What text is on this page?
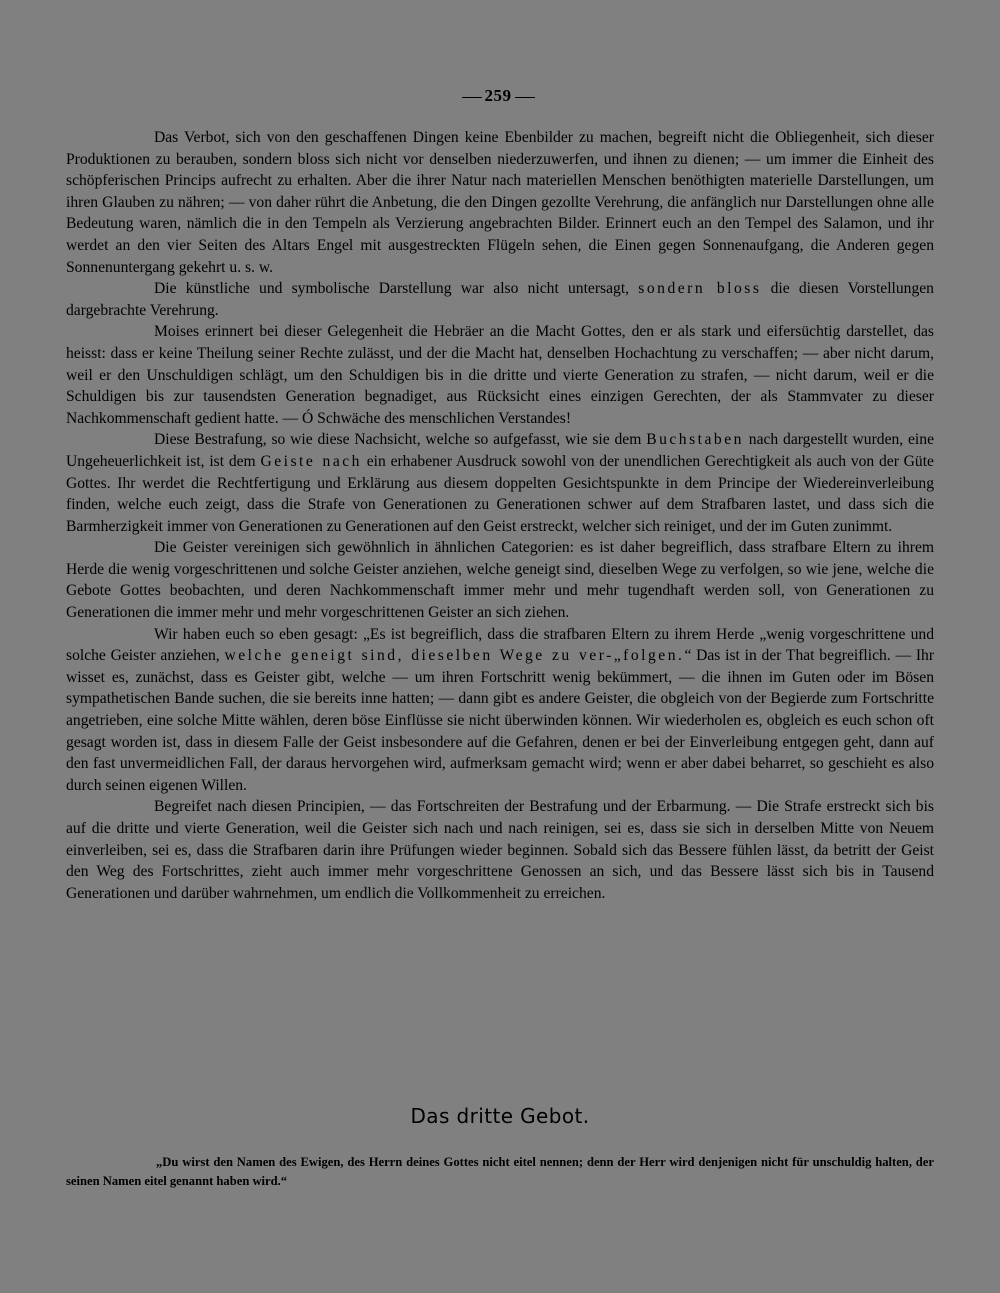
259

Das Verbot, sich von den geschaffenen Dingen keine Ebenbilder zu machen, begreift nicht die Obliegenheit, sich dieser Produktionen zu berauben, sondern bloss sich nicht vor denselben niederzuwerfen, und ihnen zu dienen; — um immer die Einheit des schöpferischen Princips aufrecht zu erhalten. Aber die ihrer Natur nach materiellen Menschen benöthigten materielle Darstellungen, um ihren Glauben zu nähren; — von daher rührt die Anbetung, die den Dingen gezollte Verehrung, die anfänglich nur Darstellungen ohne alle Bedeutung waren, nämlich die in den Tempeln als Verzierung angebrachten Bilder. Erinnert euch an den Tempel des Salamon, und ihr werdet an den vier Seiten des Altars Engel mit ausgestreckten Flügeln sehen, die Einen gegen Sonnenaufgang, die Anderen gegen Sonnenuntergang gekehrt u. s. w.

Die künstliche und symbolische Darstellung war also nicht untersagt, sondern bloss die diesen Vorstellungen dargebrachte Verehrung.

Moises erinnert bei dieser Gelegenheit die Hebräer an die Macht Gottes, den er als stark und eifersüchtig darstellet, das heisst: dass er keine Theilung seiner Rechte zulässt, und der die Macht hat, denselben Hochachtung zu verschaffen; — aber nicht darum, weil er den Unschuldigen schlägt, um den Schuldigen bis in die dritte und vierte Generation zu strafen, — nicht darum, weil er die Schuldigen bis zur tausendsten Generation begnadiget, aus Rücksicht eines einzigen Gerechten, der als Stammvater zu dieser Nachkommenschaft gedient hatte. — Ó Schwäche des menschlichen Verstandes!

Diese Bestrafung, so wie diese Nachsicht, welche so aufgefasst, wie sie dem Buchstaben nach dargestellt wurden, eine Ungeheuerlichkeit ist, ist dem Geiste nach ein erhabener Ausdruck sowohl von der unendlichen Gerechtigkeit als auch von der Güte Gottes. Ihr werdet die Rechtfertigung und Erklärung aus diesem doppelten Gesichtspunkte in dem Principe der Wiedereinverleibung finden, welche euch zeigt, dass die Strafe von Generationen zu Generationen schwer auf dem Strafbaren lastet, und dass sich die Barmherzigkeit immer von Generationen zu Generationen auf den Geist erstreckt, welcher sich reiniget, und der im Guten zunimmt.

Die Geister vereinigen sich gewöhnlich in ähnlichen Categorien: es ist daher begreiflich, dass strafbare Eltern zu ihrem Herde die wenig vorgeschrittenen und solche Geister anziehen, welche geneigt sind, dieselben Wege zu verfolgen, so wie jene, welche die Gebote Gottes beobachten, und deren Nachkommenschaft immer mehr und mehr tugendhaft werden soll, von Generationen zu Generationen die immer mehr und mehr vorgeschrittenen Geister an sich ziehen.

Wir haben euch so eben gesagt: „Es ist begreiflich, dass die strafbaren Eltern zu ihrem Herde „wenig vorgeschrittene und solche Geister anziehen, welche geneigt sind, dieselben Wege zu ver-„folgen.“ Das ist in der That begreiflich. — Ihr wisset es, zunächst, dass es Geister gibt, welche — um ihren Fortschritt wenig bekümmert, — die ihnen im Guten oder im Bösen sympathetischen Bande suchen, die sie bereits inne hatten; — dann gibt es andere Geister, die obgleich von der Begierde zum Fortschritte angetrieben, eine solche Mitte wählen, deren böse Einflüsse sie nicht überwinden können. Wir wiederholen es, obgleich es euch schon oft gesagt worden ist, dass in diesem Falle der Geist insbesondere auf die Gefahren, denen er bei der Einverleibung entgegen geht, dann auf den fast unvermeidlichen Fall, der daraus hervorgehen wird, aufmerksam gemacht wird; wenn er aber dabei beharret, so geschieht es also durch seinen eigenen Willen.

Begreifet nach diesen Principien, — das Fortschreiten der Bestrafung und der Erbarmung. — Die Strafe erstreckt sich bis auf die dritte und vierte Generation, weil die Geister sich nach und nach reinigen, sei es, dass sie sich in derselben Mitte von Neuem einverleiben, sei es, dass die Strafbaren darin ihre Prüfungen wieder beginnen. Sobald sich das Bessere fühlen lässt, da betritt der Geist den Weg des Fortschrittes, zieht auch immer mehr vorgeschrittene Genossen an sich, und das Bessere lässt sich bis in Tausend Generationen und darüber wahrnehmen, um endlich die Vollkommenheit zu erreichen.

Das dritte Gebot.

„Du wirst den Namen des Ewigen, des Herrn deines Gottes nicht eitel nennen; denn der Herr wird denjenigen nicht für unschuldig halten, der seinen Namen eitel genannt haben wird.“
